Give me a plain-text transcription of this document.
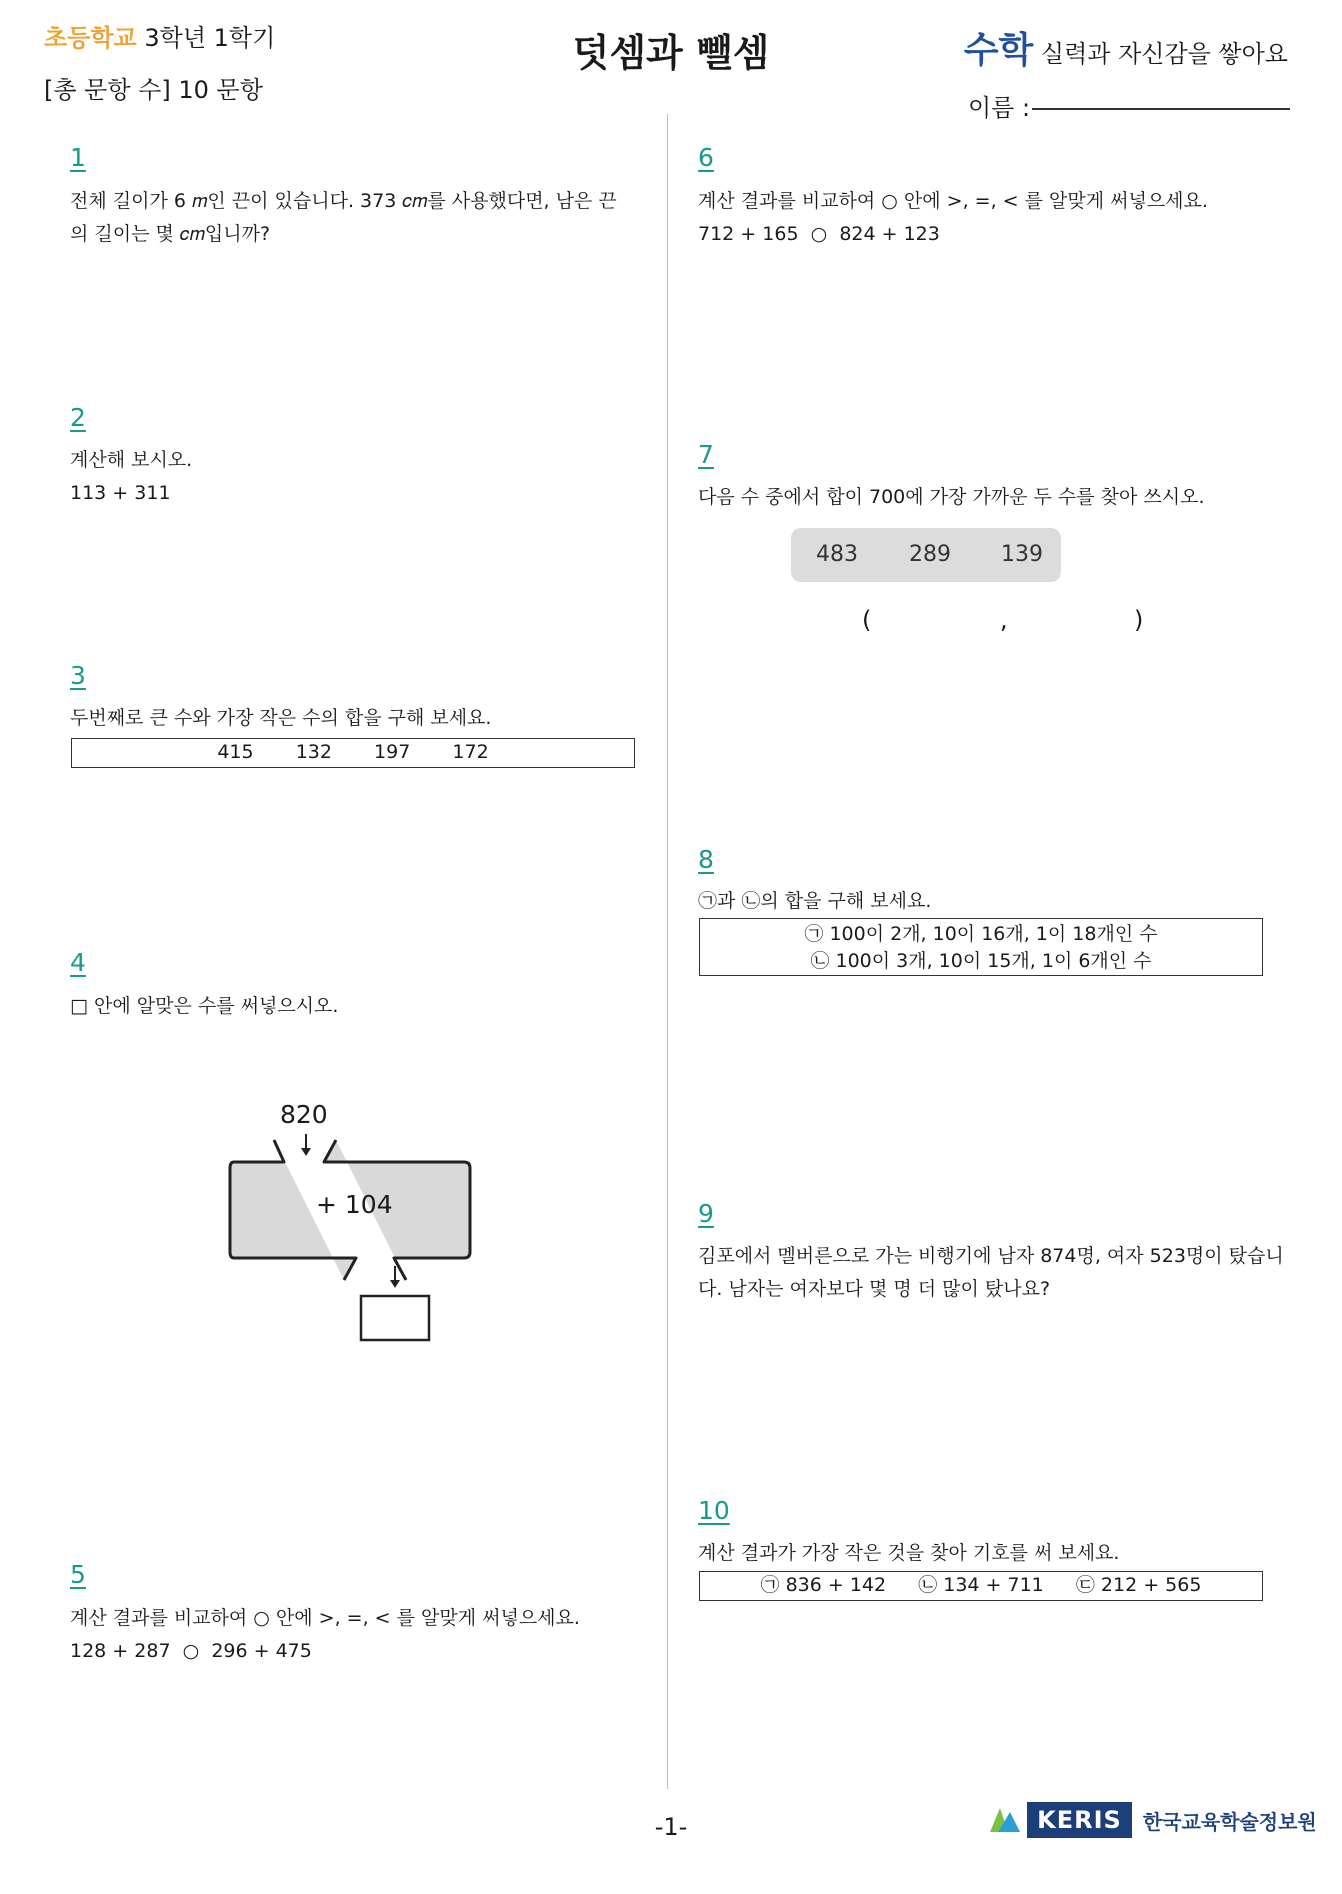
초등학교 3학년 1학기
[총 문항 수] 10 문항
덧셈과 뺄셈	수학 실력과 자신감을 쌓아요
이름 :
1
전체 길이가 6 𝑚인 끈이 있습니다. 373 𝑐𝑚를 사용했다면, 남은 끈
의 길이는 몇 𝑐𝑚입니까?
2
계산해 보시오.
113 + 311
3
두번째로 큰 수와 가장 작은 수의 합을 구해 보세요.
415 132 197 172
4
□ 안에 알맞은 수를 써넣으시오.
820
+ 104
5
계산 결과를 비교하여 ○ 안에 >, =, < 를 알맞게 써넣으세요.
128 + 287 ○ 296 + 475
6
계산 결과를 비교하여 ○ 안에 >, =, < 를 알맞게 써넣으세요.
712 + 165 ○ 824 + 123
7
다음 수 중에서 합이 700에 가장 가까운 두 수를 찾아 쓰시오.
483 289 139
(	,	)
8
㉠과 ㉡의 합을 구해 보세요.
㉠ 100이 2개, 10이 16개, 1이 18개인 수
㉡ 100이 3개, 10이 15개, 1이 6개인 수
9
김포에서 멜버른으로 가는 비행기에 남자 874명, 여자 523명이 탔습니
다. 남자는 여자보다 몇 명 더 많이 탔나요?
10
계산 결과가 가장 작은 것을 찾아 기호를 써 보세요.
㉠ 836 + 142 ㉡ 134 + 711 ㉢ 212 + 565
-1-	KERIS 한국교육학술정보원
